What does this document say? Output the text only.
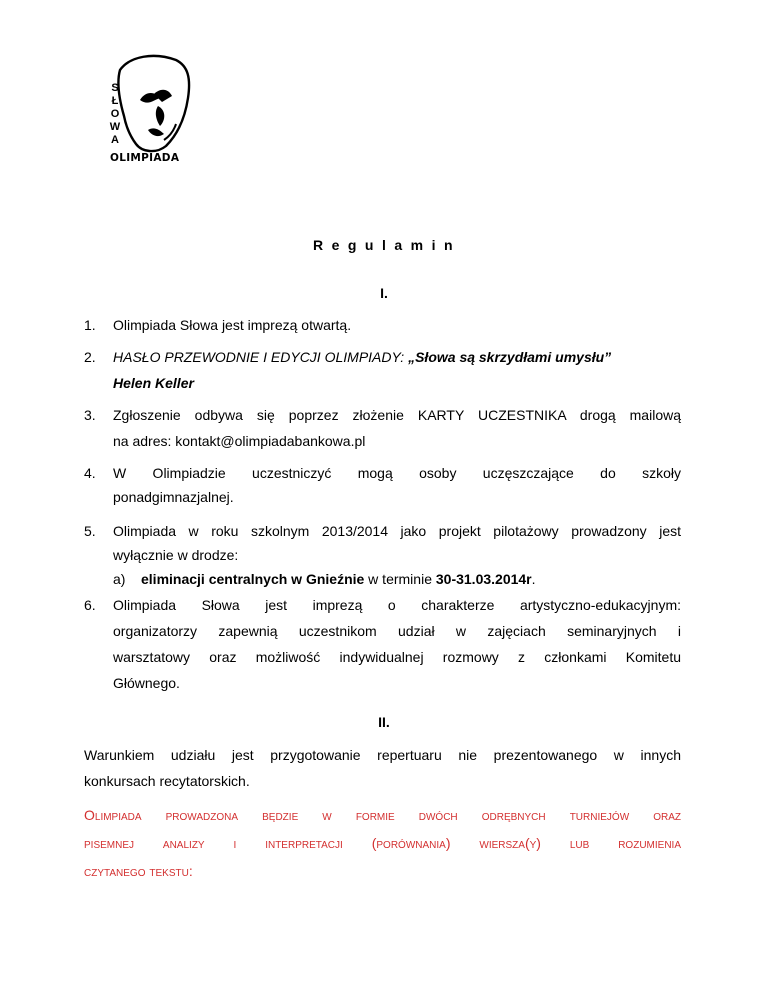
S
Ł
O
W
A
OLIMPIADA
Regulamin
I.
1. Olimpiada Słowa jest imprezą otwartą.
2. HASŁO PRZEWODNIE I EDYCJI OLIMPIADY: „Słowa są skrzydłami umysłu”
Helen Keller
3. Zgłoszenie odbywa się poprzez złożenie KARTY UCZESTNIKA drogą mailową
na adres: kontakt@olimpiadabankowa.pl
4. W Olimpiadzie uczestniczyć mogą osoby uczęszczające do szkoły
ponadgimnazjalnej.
5. Olimpiada w roku szkolnym 2013/2014 jako projekt pilotażowy prowadzony jest
wyłącznie w drodze:
a) eliminacji centralnych w Gnieźnie w terminie 30-31.03.2014r.
6. Olimpiada Słowa jest imprezą o charakterze artystyczno-edukacyjnym:
organizatorzy zapewnią uczestnikom udział w zajęciach seminaryjnych i
warsztatowy oraz możliwość indywidualnej rozmowy z członkami Komitetu
Głównego.
II.
Warunkiem udziału jest przygotowanie repertuaru nie prezentowanego w innych
konkursach recytatorskich.
Olimpiada prowadzona będzie w formie dwóch odrębnych turniejów oraz
pisemnej analizy i interpretacji (porównania) wiersza(y) lub rozumienia
czytanego tekstu:
